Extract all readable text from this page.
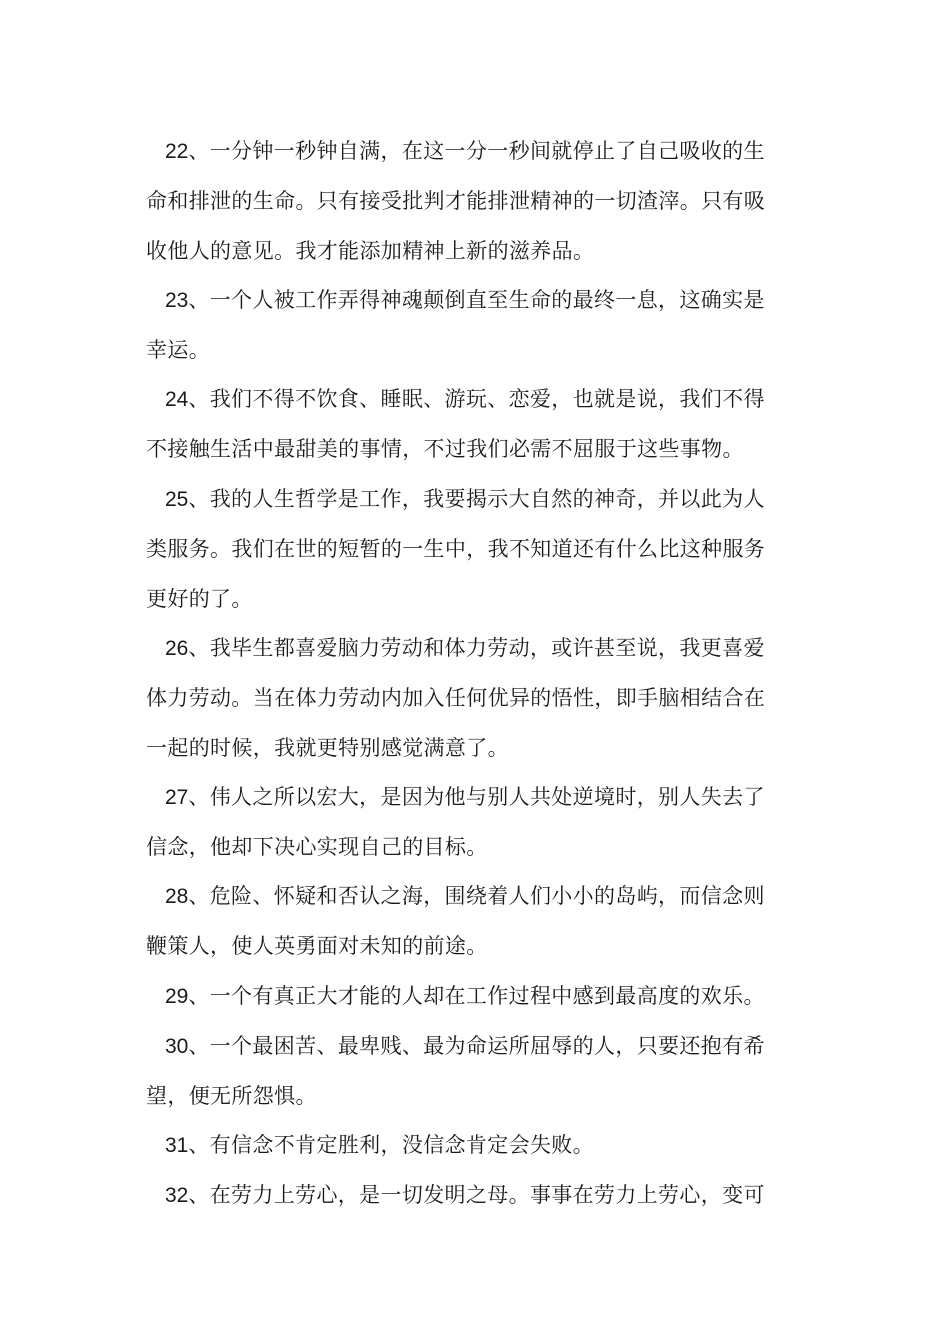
22、一分钟一秒钟自满，在这一分一秒间就停止了自己吸收的生
命和排泄的生命。只有接受批判才能排泄精神的一切渣滓。只有吸
收他人的意见。我才能添加精神上新的滋养品。
23、一个人被工作弄得神魂颠倒直至生命的最终一息，这确实是
幸运。
24、我们不得不饮食、睡眠、游玩、恋爱，也就是说，我们不得
不接触生活中最甜美的事情，不过我们必需不屈服于这些事物。
25、我的人生哲学是工作，我要揭示大自然的神奇，并以此为人
类服务。我们在世的短暂的一生中，我不知道还有什么比这种服务
更好的了。
26、我毕生都喜爱脑力劳动和体力劳动，或许甚至说，我更喜爱
体力劳动。当在体力劳动内加入任何优异的悟性，即手脑相结合在
一起的时候，我就更特别感觉满意了。
27、伟人之所以宏大，是因为他与别人共处逆境时，别人失去了
信念，他却下决心实现自己的目标。
28、危险、怀疑和否认之海，围绕着人们小小的岛屿，而信念则
鞭策人，使人英勇面对未知的前途。
29、一个有真正大才能的人却在工作过程中感到最高度的欢乐。
30、一个最困苦、最卑贱、最为命运所屈辱的人，只要还抱有希
望，便无所怨惧。
31、有信念不肯定胜利，没信念肯定会失败。
32、在劳力上劳心，是一切发明之母。事事在劳力上劳心，变可
